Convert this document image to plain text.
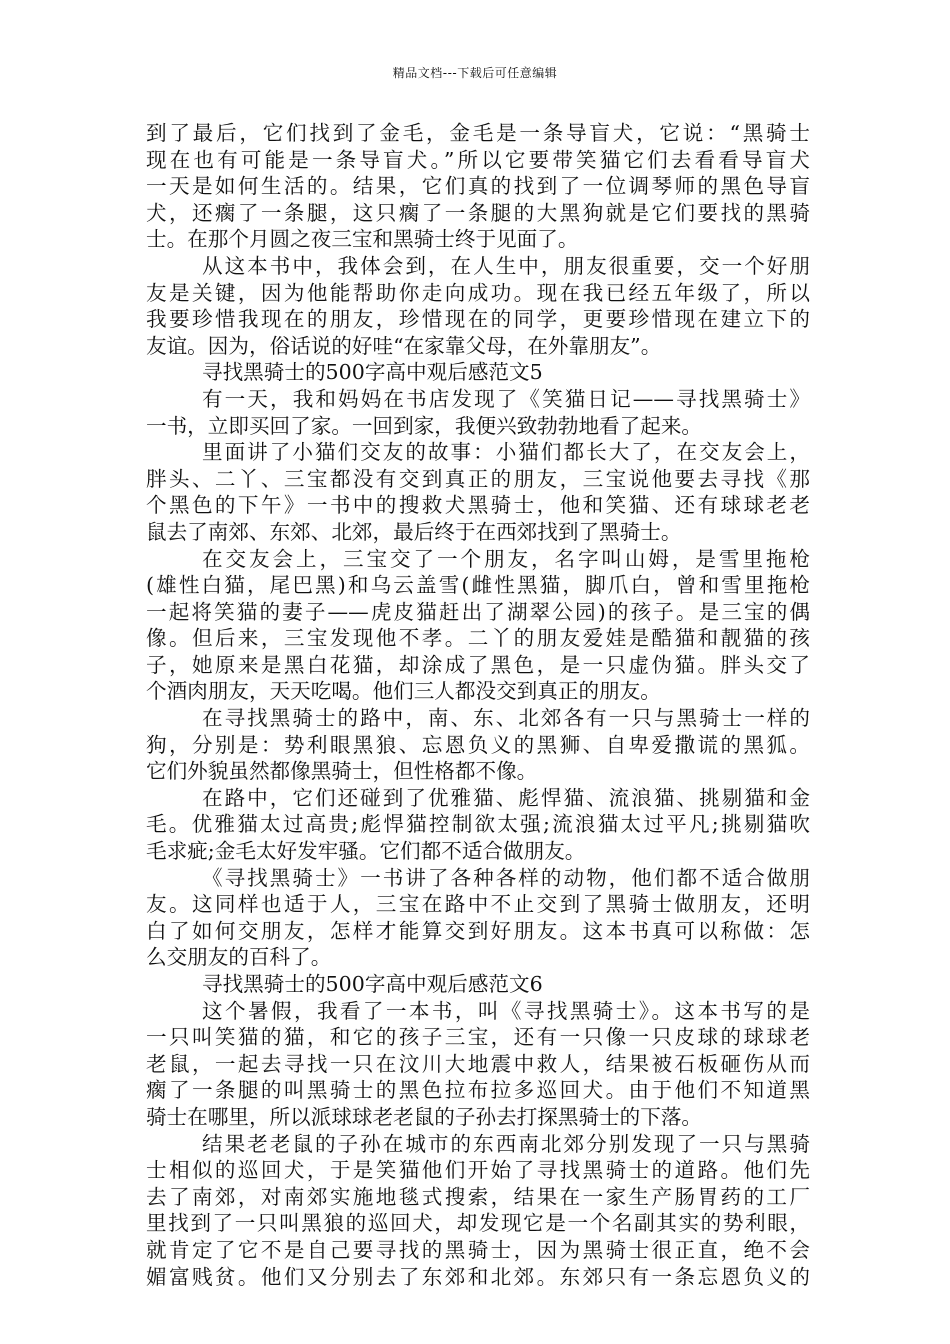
精品文档---下载后可任意编辑
到了最后，它们找到了金毛，金毛是一条导盲犬，它说：“黑骑士
现在也有可能是一条导盲犬。”所以它要带笑猫它们去看看导盲犬
一天是如何生活的。结果，它们真的找到了一位调琴师的黑色导盲
犬，还瘸了一条腿，这只瘸了一条腿的大黑狗就是它们要找的黑骑
士。在那个月圆之夜三宝和黑骑士终于见面了。
从这本书中，我体会到，在人生中，朋友很重要，交一个好朋
友是关键，因为他能帮助你走向成功。现在我已经五年级了，所以
我要珍惜我现在的朋友，珍惜现在的同学，更要珍惜现在建立下的
友谊。因为，俗话说的好哇“在家靠父母，在外靠朋友”。
寻找黑骑士的500字高中观后感范文5
有一天，我和妈妈在书店发现了《笑猫日记——寻找黑骑士》
一书，立即买回了家。一回到家，我便兴致勃勃地看了起来。
里面讲了小猫们交友的故事：小猫们都长大了，在交友会上，
胖头、二丫、三宝都没有交到真正的朋友，三宝说他要去寻找《那
个黑色的下午》一书中的搜救犬黑骑士，他和笑猫、还有球球老老
鼠去了南郊、东郊、北郊，最后终于在西郊找到了黑骑士。
在交友会上，三宝交了一个朋友，名字叫山姆，是雪里拖枪
(雄性白猫，尾巴黑)和乌云盖雪(雌性黑猫，脚爪白，曾和雪里拖枪
一起将笑猫的妻子——虎皮猫赶出了湖翠公园)的孩子。是三宝的偶
像。但后来，三宝发现他不孝。二丫的朋友爱娃是酷猫和靓猫的孩
子，她原来是黑白花猫，却涂成了黑色，是一只虚伪猫。胖头交了
个酒肉朋友，天天吃喝。他们三人都没交到真正的朋友。
在寻找黑骑士的路中，南、东、北郊各有一只与黑骑士一样的
狗，分别是：势利眼黑狼、忘恩负义的黑狮、自卑爱撒谎的黑狐。
它们外貌虽然都像黑骑士，但性格都不像。
在路中，它们还碰到了优雅猫、彪悍猫、流浪猫、挑剔猫和金
毛。优雅猫太过高贵;彪悍猫控制欲太强;流浪猫太过平凡;挑剔猫吹
毛求疵;金毛太好发牢骚。它们都不适合做朋友。
《寻找黑骑士》一书讲了各种各样的动物，他们都不适合做朋
友。这同样也适于人，三宝在路中不止交到了黑骑士做朋友，还明
白了如何交朋友，怎样才能算交到好朋友。这本书真可以称做：怎
么交朋友的百科了。
寻找黑骑士的500字高中观后感范文6
这个暑假，我看了一本书，叫《寻找黑骑士》。这本书写的是
一只叫笑猫的猫，和它的孩子三宝，还有一只像一只皮球的球球老
老鼠，一起去寻找一只在汶川大地震中救人，结果被石板砸伤从而
瘸了一条腿的叫黑骑士的黑色拉布拉多巡回犬。由于他们不知道黑
骑士在哪里，所以派球球老老鼠的子孙去打探黑骑士的下落。
结果老老鼠的子孙在城市的东西南北郊分别发现了一只与黑骑
士相似的巡回犬，于是笑猫他们开始了寻找黑骑士的道路。他们先
去了南郊，对南郊实施地毯式搜索，结果在一家生产肠胃药的工厂
里找到了一只叫黑狼的巡回犬，却发现它是一个名副其实的势利眼，
就肯定了它不是自己要寻找的黑骑士，因为黑骑士很正直，绝不会
媚富贱贫。他们又分别去了东郊和北郊。东郊只有一条忘恩负义的
